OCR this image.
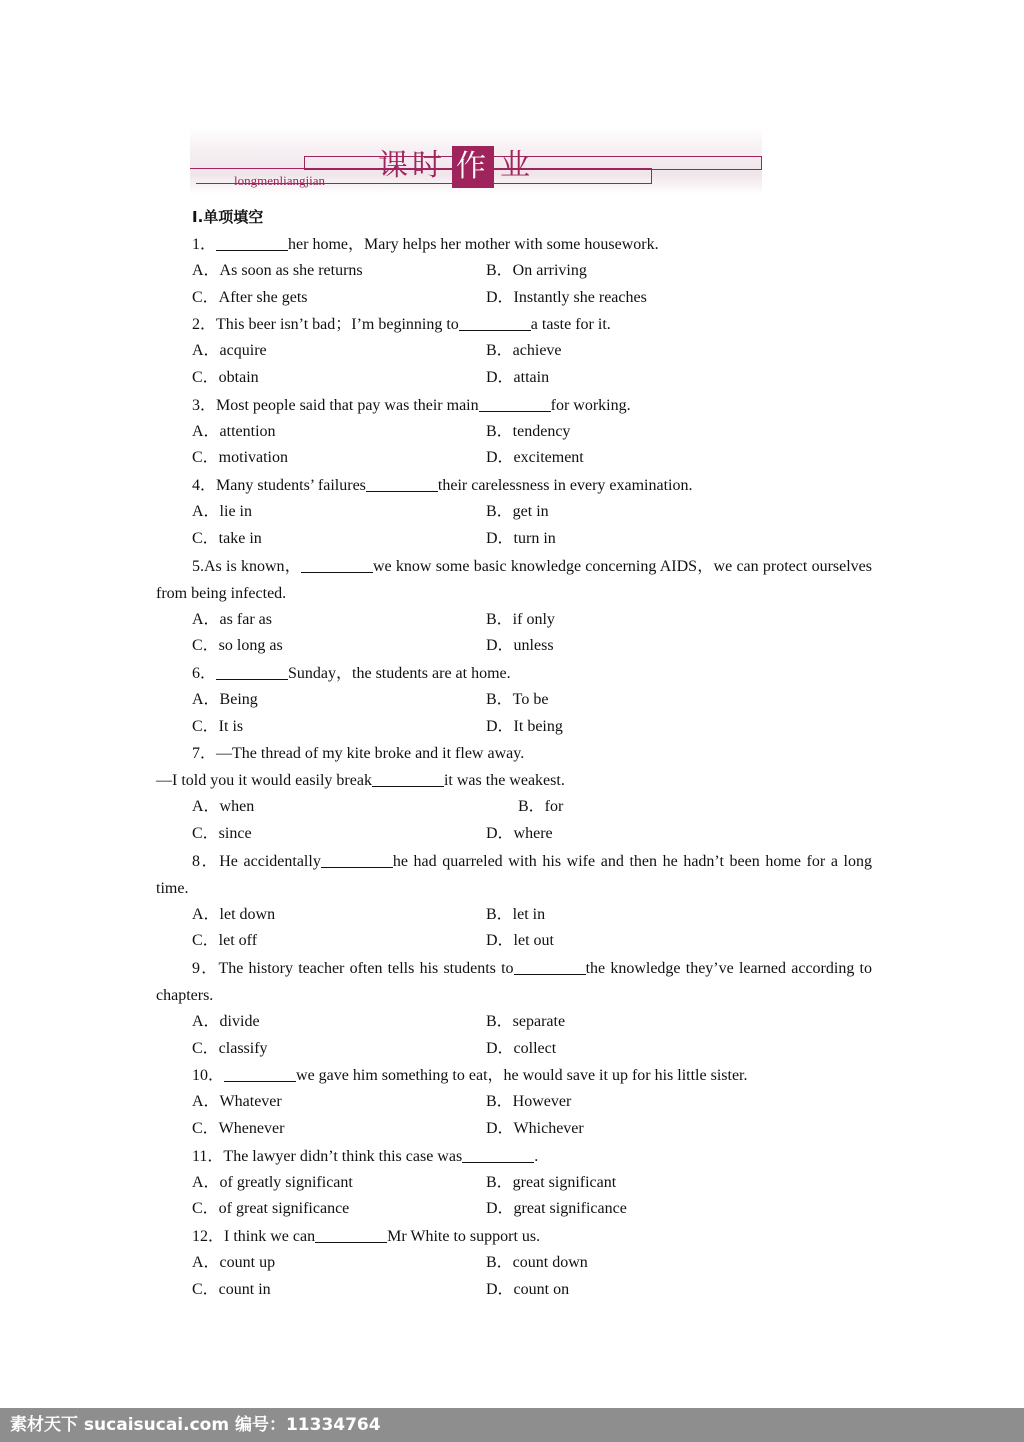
课时 作 业
longmenliangjian
Ⅰ.单项填空
1．	her home，Mary helps her mother with some housework.
A．As soon as she returns	B．On arriving
C．After she gets	D．Instantly she reaches
2．This beer isn’t bad；I’m beginning to	a taste for it.
A．acquire	B．achieve
C．obtain	D．attain
3．Most people said that pay was their main	for working.
A．attention	B．tendency
C．motivation	D．excitement
4．Many students’ failures	their carelessness in every examination.
A．lie in	B．get in
C．take in	D．turn in
5.As is known，	we know some basic knowledge concerning AIDS，we can protect ourselves from being infected.
A．as far as	B．if only
C．so long as	D．unless
6．	Sunday，the students are at home.
A．Being	B．To be
C．It is	D．It being
7．—The thread of my kite broke and it flew away.
—I told you it would easily break	it was the weakest.
A．when	B．for
C．since	D．where
8．He accidentally	he had quarreled with his wife and then he hadn’t been home for a long time.
A．let down	B．let in
C．let off	D．let out
9．The history teacher often tells his students to	the knowledge they’ve learned according to chapters.
A．divide	B．separate
C．classify	D．collect
10．	we gave him something to eat，he would save it up for his little sister.
A．Whatever	B．However
C．Whenever	D．Whichever
11．The lawyer didn’t think this case was	.
A．of greatly significant	B．great significant
C．of great significance	D．great significance
12．I think we can	Mr White to support us.
A．count up	B．count down
C．count in	D．count on
素材天下 sucaisucai.com 编号：11334764
